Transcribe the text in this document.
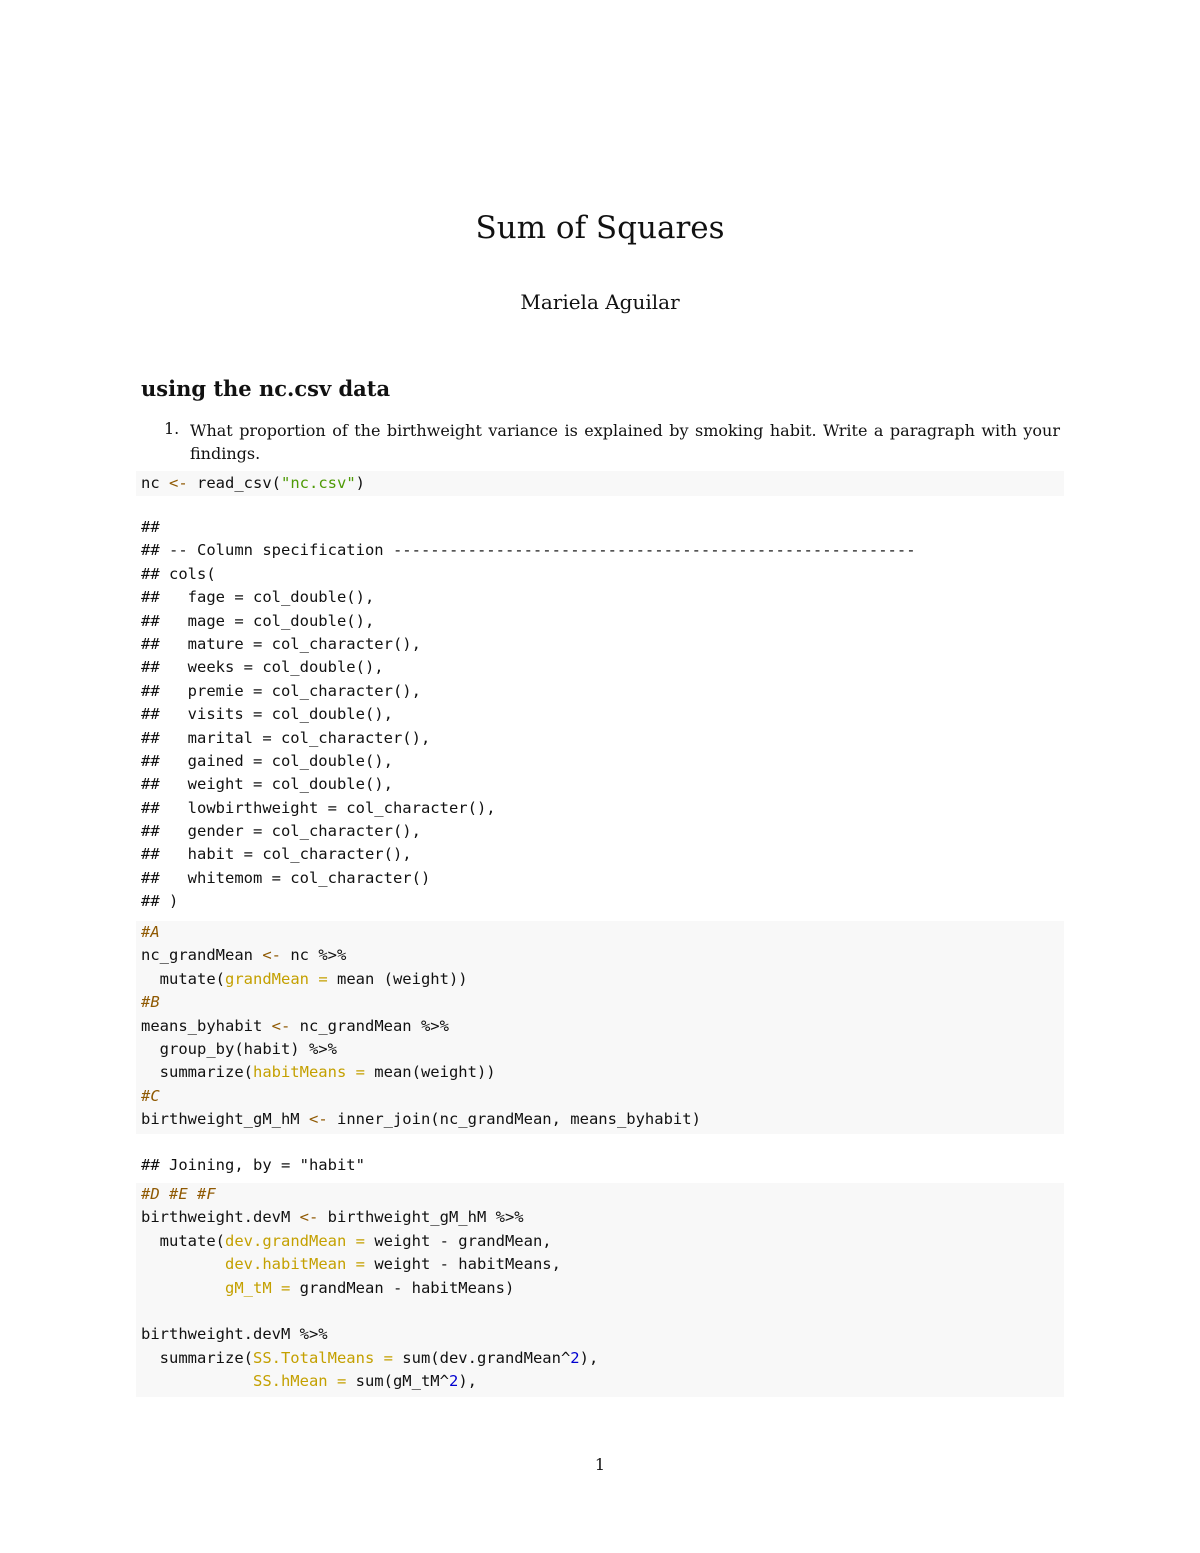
Sum of Squares
Mariela Aguilar
using the nc.csv data
1. What proportion of the birthweight variance is explained by smoking habit. Write a paragraph with your findings.
nc <- read_csv("nc.csv")
##
## -- Column specification --------------------------------------------------------
## cols(
##   fage = col_double(),
##   mage = col_double(),
##   mature = col_character(),
##   weeks = col_double(),
##   premie = col_character(),
##   visits = col_double(),
##   marital = col_character(),
##   gained = col_double(),
##   weight = col_double(),
##   lowbirthweight = col_character(),
##   gender = col_character(),
##   habit = col_character(),
##   whitemom = col_character()
## )
#A
nc_grandMean <- nc %>%
mutate(grandMean = mean (weight))
#B
means_byhabit <- nc_grandMean %>%
group_by(habit) %>%
summarize(habitMeans = mean(weight))
#C
birthweight_gM_hM <- inner_join(nc_grandMean, means_byhabit)
## Joining, by = "habit"
#D #E #F
birthweight.devM <- birthweight_gM_hM %>%
mutate(dev.grandMean = weight - grandMean,
dev.habitMean = weight - habitMeans,
gM_tM = grandMean - habitMeans)

birthweight.devM %>%
summarize(SS.TotalMeans = sum(dev.grandMean^2),
SS.hMean = sum(gM_tM^2),
1
